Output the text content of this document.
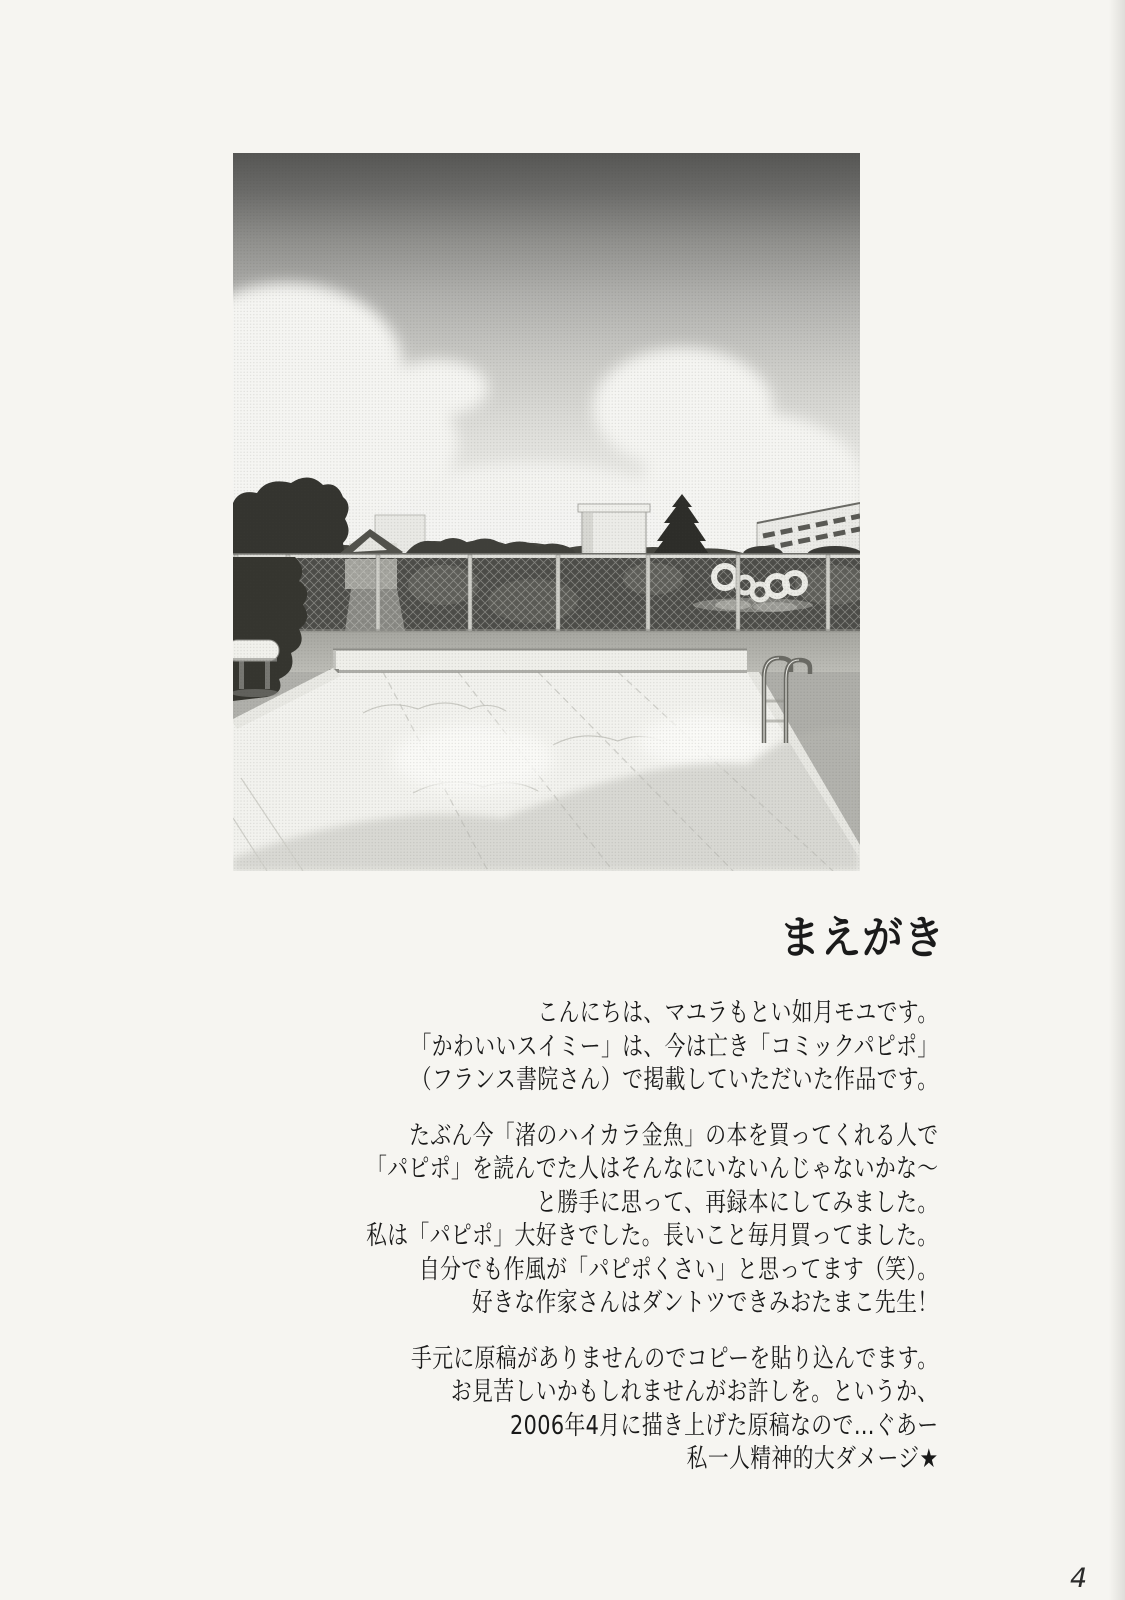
まえがき

こんにちは、マユラもとい如月モユです。
「かわいいスイミー」は、今は亡き「コミックパピポ」
（フランス書院さん）で掲載していただいた作品です。

たぶん今「渚のハイカラ金魚」の本を買ってくれる人で
「パピポ」を読んでた人はそんなにいないんじゃないかな～
と勝手に思って、再録本にしてみました。
私は「パピポ」大好きでした。長いこと毎月買ってました。
自分でも作風が「パピポくさい」と思ってます（笑）。
好きな作家さんはダントツできみおたまこ先生！

手元に原稿がありませんのでコピーを貼り込んでます。
お見苦しいかもしれませんがお許しを。というか、
2006年4月に描き上げた原稿なので…ぐあー
私一人精神的大ダメージ★

4
